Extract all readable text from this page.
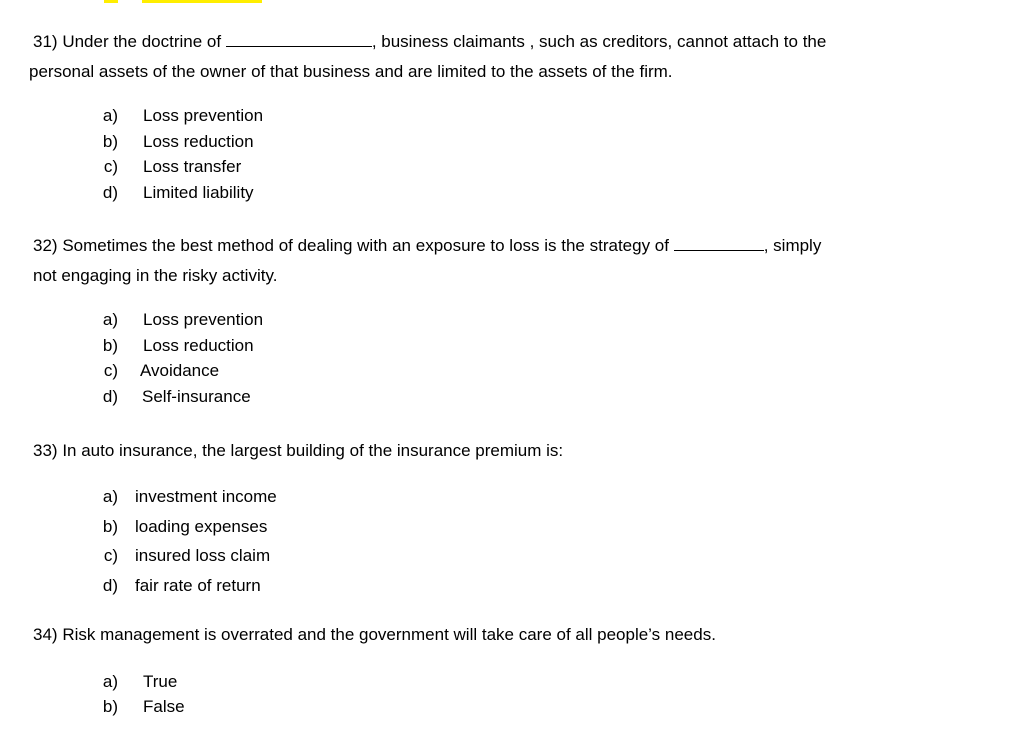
31) Under the doctrine of	, business claimants , such as creditors, cannot attach to the
personal assets of the owner of that business and are limited to the assets of the firm.
a) Loss prevention
b) Loss reduction
c) Loss transfer
d) Limited liability
32) Sometimes the best method of dealing with an exposure to loss is the strategy of	, simply
not engaging in the risky activity.
a) Loss prevention
b) Loss reduction
c) Avoidance
d) Self-insurance
33) In auto insurance, the largest building of the insurance premium is:
a) investment income
b) loading expenses
c) insured loss claim
d) fair rate of return
34) Risk management is overrated and the government will take care of all people’s needs.
a) True
b) False
